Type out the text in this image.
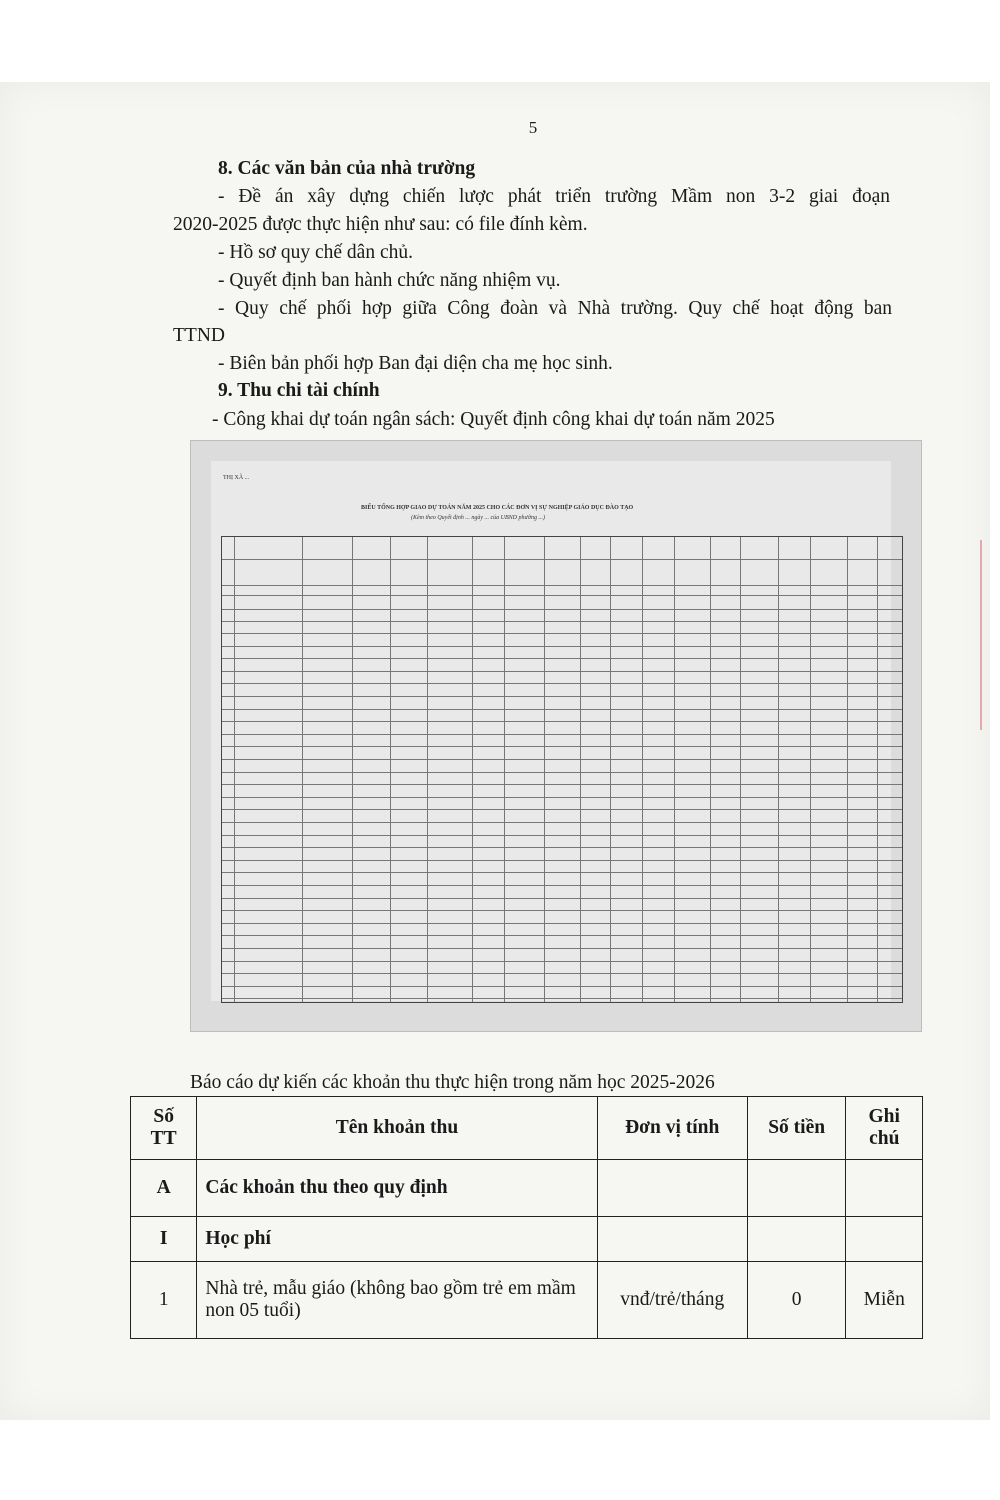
5
8. Các văn bản của nhà trường
- Đề án xây dựng chiến lược phát triển trường Mầm non 3-2 giai đoạn
2020-2025 được thực hiện như sau: có file đính kèm.
- Hồ sơ quy chế dân chủ.
- Quyết định ban hành chức năng nhiệm vụ.
- Quy chế phối hợp giữa Công đoàn và Nhà trường. Quy chế hoạt động ban
TTND
- Biên bản phối hợp Ban đại diện cha mẹ học sinh.
9. Thu chi tài chính
- Công khai dự toán ngân sách: Quyết định công khai dự toán năm 2025
THỊ XÃ ...
BIỂU TỔNG HỢP GIAO DỰ TOÁN NĂM 2025 CHO CÁC ĐƠN VỊ SỰ NGHIỆP GIÁO DỤC ĐÀO TẠO
(Kèm theo Quyết định ... ngày ... của UBND phường ...)
Báo cáo dự kiến các khoản thu thực hiện trong năm học 2025-2026
Số TT	Tên khoản thu	Đơn vị tính	Số tiền	Ghi chú
A	Các khoản thu theo quy định			
I	Học phí			
1	Nhà trẻ, mẫu giáo (không bao gồm trẻ em mầm non 05 tuổi)	vnđ/trẻ/tháng	0	Miễn
